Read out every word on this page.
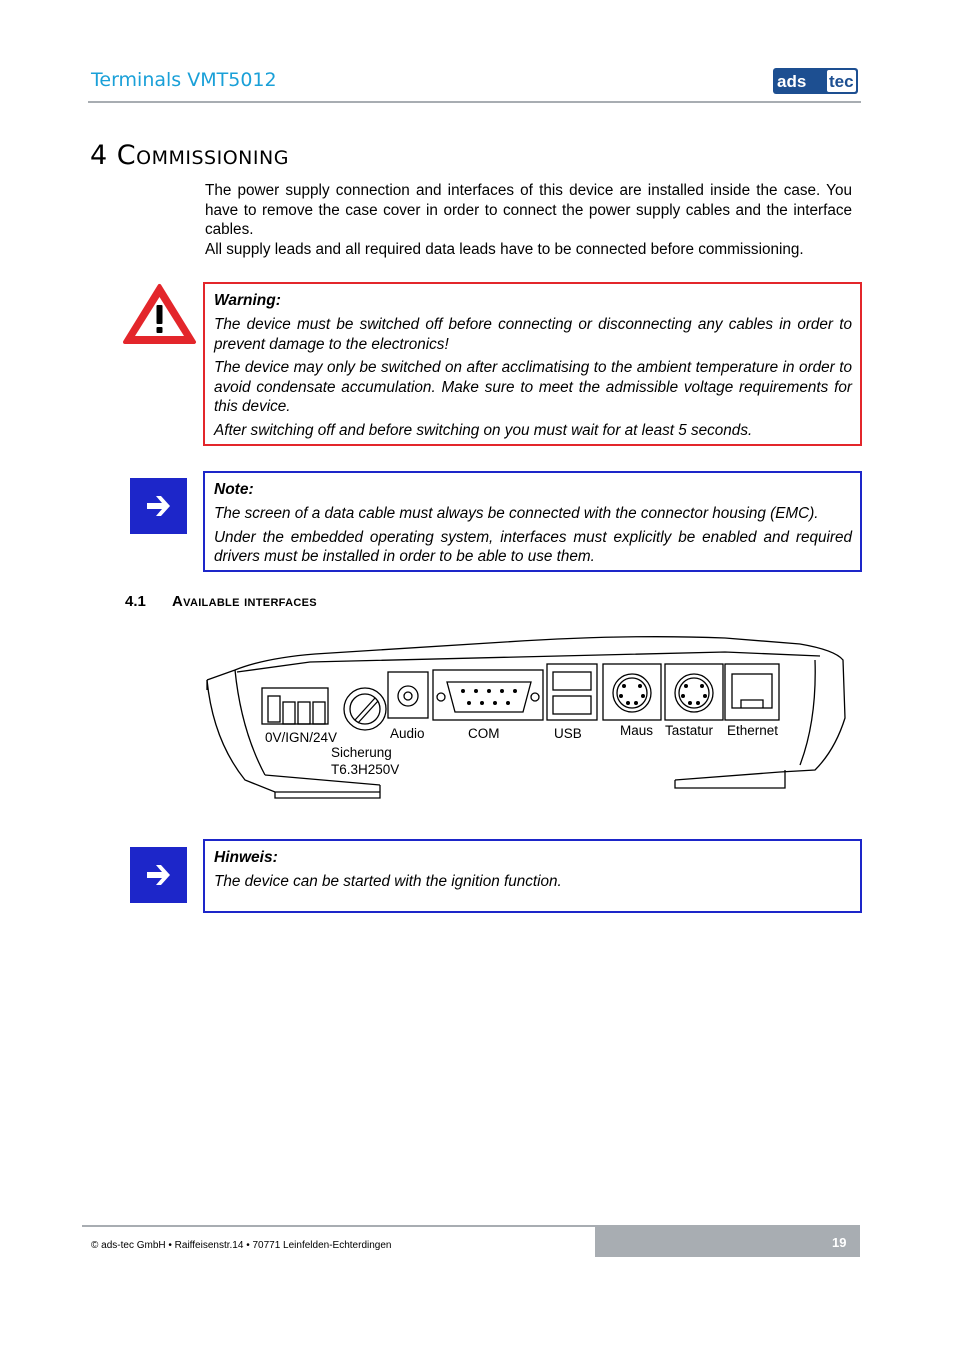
Terminals VMT5012	ads tec
4 Commissioning

The power supply connection and interfaces of this device are installed inside the case. You have to remove the case cover in order to connect the power supply cables and the interface cables.

All supply leads and all required data leads have to be connected before commissioning.

Warning:
The device must be switched off before connecting or disconnecting any cables in order to prevent damage to the electronics!
The device may only be switched on after acclimatising to the ambient temperature in order to avoid condensate accumulation. Make sure to meet the admissible voltage requirements for this device.
After switching off and before switching on you must wait for at least 5 seconds.
Note:
The screen of a data cable must always be connected with the connector housing (EMC).
Under the embedded operating system, interfaces must explicitly be enabled and required drivers must be installed in order to be able to use them.
4.1 Available interfaces
0V/IGN/24V
Sicherung
T6.3H250V
Audio	COM	USB	Maus Tastatur Ethernet
Hinweis:
The device can be started with the ignition function.
© ads-tec GmbH • Raiffeisenstr.14 • 70771 Leinfelden-Echterdingen	19
